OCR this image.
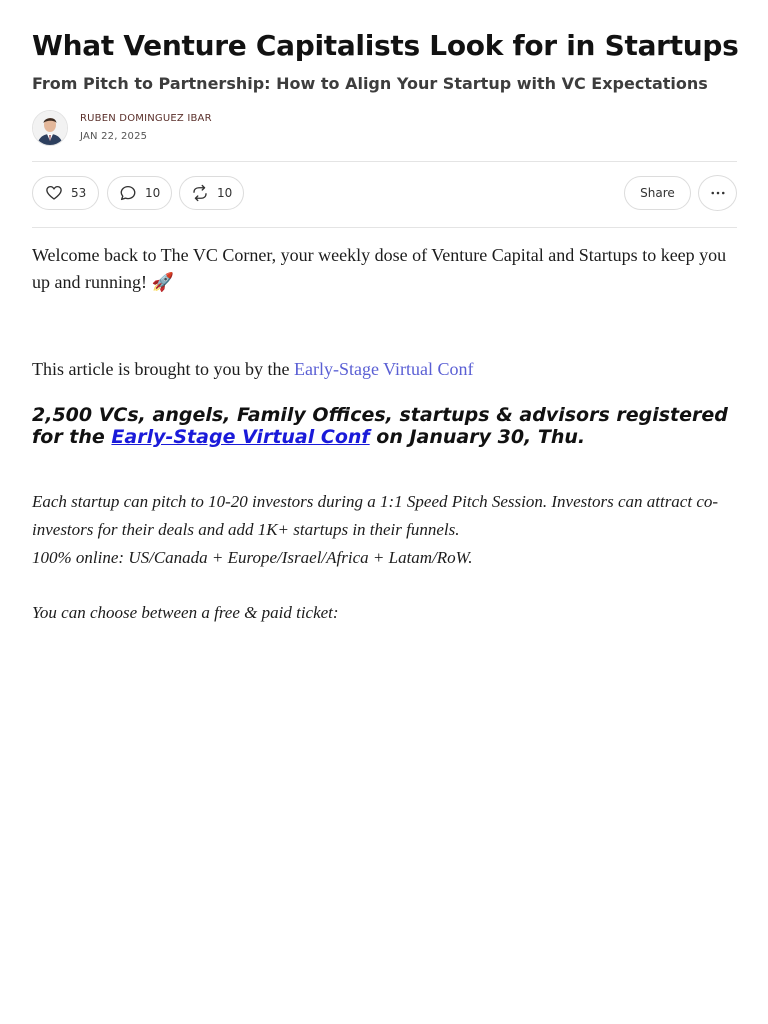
What Venture Capitalists Look for in Startups
From Pitch to Partnership: How to Align Your Startup with VC Expectations
RUBEN DOMINGUEZ IBAR
JAN 22, 2025
53	10	10	Share

Welcome back to The VC Corner, your weekly dose of Venture Capital and Startups to keep you up and running! 🚀

This article is brought to you by the Early-Stage Virtual Conf

2,500 VCs, angels, Family Offices, startups & advisors registered for the Early-Stage Virtual Conf on January 30, Thu.

Each startup can pitch to 10-20 investors during a 1:1 Speed Pitch Session. Investors can attract co-investors for their deals and add 1K+ startups in their funnels.
100% online: US/Canada + Europe/Israel/Africa + Latam/RoW.

You can choose between a free & paid ticket:
